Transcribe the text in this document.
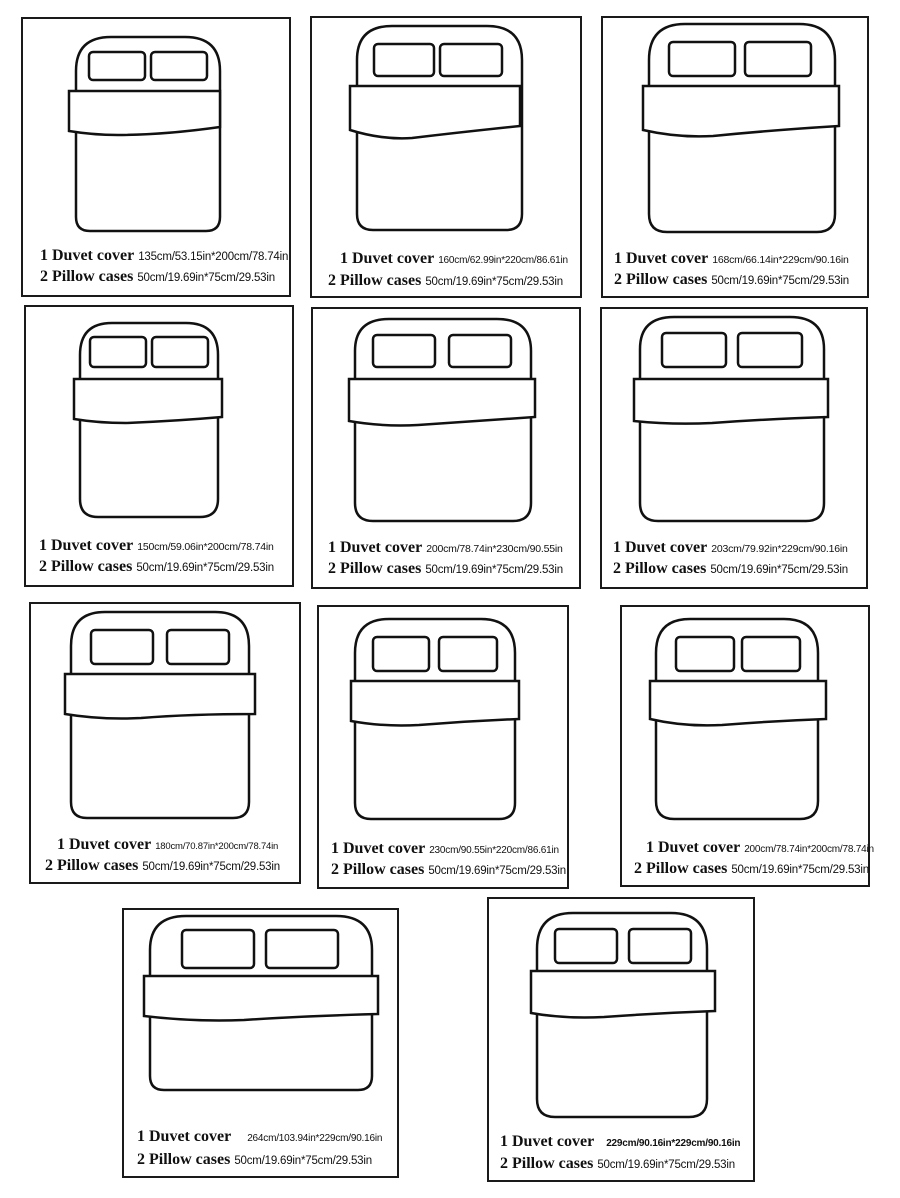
1 Duvet cover 135cm/53.15in*200cm/78.74in
2 Pillow cases 50cm/19.69in*75cm/29.53in
1 Duvet cover 160cm/62.99in*220cm/86.61in
2 Pillow cases 50cm/19.69in*75cm/29.53in
1 Duvet cover 168cm/66.14in*229cm/90.16in
2 Pillow cases 50cm/19.69in*75cm/29.53in
1 Duvet cover 150cm/59.06in*200cm/78.74in
2 Pillow cases 50cm/19.69in*75cm/29.53in
1 Duvet cover 200cm/78.74in*230cm/90.55in
2 Pillow cases 50cm/19.69in*75cm/29.53in
1 Duvet cover 203cm/79.92in*229cm/90.16in
2 Pillow cases 50cm/19.69in*75cm/29.53in
1 Duvet cover 180cm/70.87in*200cm/78.74in
2 Pillow cases 50cm/19.69in*75cm/29.53in
1 Duvet cover 230cm/90.55in*220cm/86.61in
2 Pillow cases 50cm/19.69in*75cm/29.53in
1 Duvet cover 200cm/78.74in*200cm/78.74in
2 Pillow cases 50cm/19.69in*75cm/29.53in
1 Duvet cover 264cm/103.94in*229cm/90.16in
2 Pillow cases 50cm/19.69in*75cm/29.53in
1 Duvet cover 229cm/90.16in*229cm/90.16in
2 Pillow cases 50cm/19.69in*75cm/29.53in
